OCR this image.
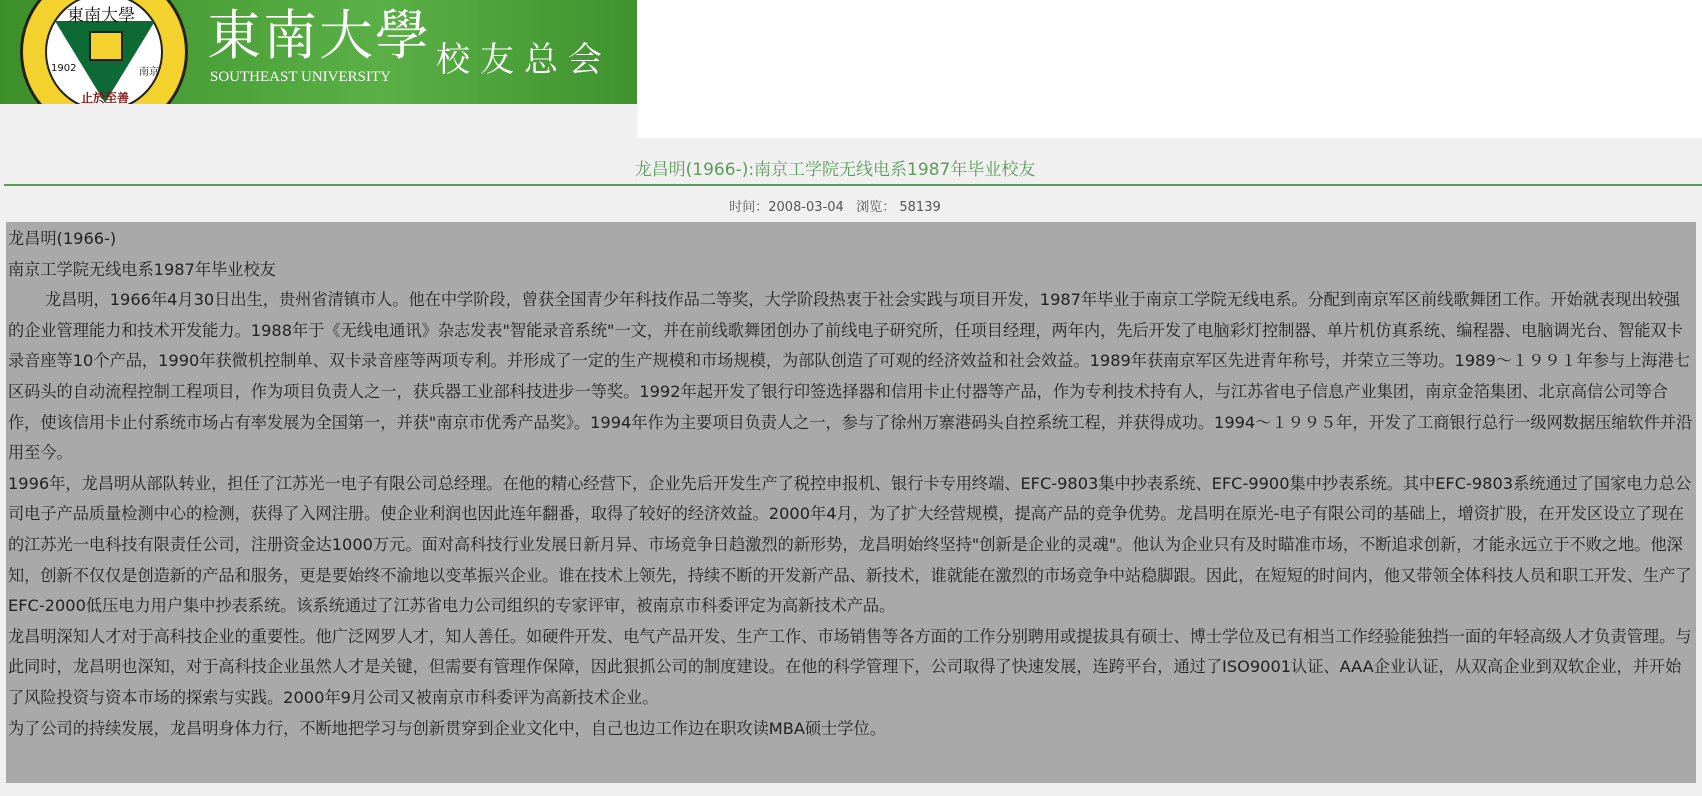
東南大學
1902	南京
止於至善
東南大學
SOUTHEAST UNIVERSITY 校友总会
龙昌明(1966-):南京工学院无线电系1987年毕业校友
时间：2008-03-04 浏览： 58139

龙昌明(1966-)

南京工学院无线电系1987年毕业校友

龙昌明，1966年4月30日出生，贵州省清镇市人。他在中学阶段，曾获全国青少年科技作品二等奖，大学阶段热衷于社会实践与项目开发，1987年毕业于南京工学院无线电系。分配到南京军区前线歌舞团工作。开始就表现出较强的企业管理能力和技术开发能力。1988年于《无线电通讯》杂志发表"智能录音系统"一文，并在前线歌舞团创办了前线电子研究所，任项目经理，两年内，先后开发了电脑彩灯控制器、单片机仿真系统、编程器、电脑调光台、智能双卡录音座等10个产品，1990年获微机控制单、双卡录音座等两项专利。并形成了一定的生产规模和市场规模，为部队创造了可观的经济效益和社会效益。1989年获南京军区先进青年称号，并荣立三等功。1989～１９９１年参与上海港七区码头的自动流程控制工程项目，作为项目负责人之一，获兵器工业部科技进步一等奖。1992年起开发了银行印签选择器和信用卡止付器等产品，作为专利技术持有人，与江苏省电子信息产业集团，南京金箔集团、北京高信公司等合作，使该信用卡止付系统市场占有率发展为全国第一，并获"南京市优秀产品奖》。1994年作为主要项目负责人之一，参与了徐州万寨港码头自控系统工程，并获得成功。1994～１９９５年，开发了工商银行总行一级网数据压缩软件并沿用至今。

1996年，龙昌明从部队转业，担任了江苏光一电子有限公司总经理。在他的精心经营下，企业先后开发生产了税控申报机、银行卡专用终端、EFC-9803集中抄表系统、EFC-9900集中抄表系统。其中EFC-9803系统通过了国家电力总公司电子产品质量检测中心的检测，获得了入网注册。使企业利润也因此连年翻番，取得了较好的经济效益。2000年4月，为了扩大经营规模，提高产品的竞争优势。龙昌明在原光-电子有限公司的基础上，增资扩股，在开发区设立了现在的江苏光一电科技有限责任公司，注册资金达1000万元。面对高科技行业发展日新月异、市场竞争日趋激烈的新形势，龙昌明始终坚持"创新是企业的灵魂"。他认为企业只有及时瞄准市场，不断追求创新，才能永远立于不败之地。他深知，创新不仅仅是创造新的产品和服务，更是要始终不渝地以变革振兴企业。谁在技术上领先，持续不断的开发新产品、新技术，谁就能在激烈的市场竞争中站稳脚跟。因此，在短短的时间内，他又带领全体科技人员和职工开发、生产了EFC-2000低压电力用户集中抄表系统。该系统通过了江苏省电力公司组织的专家评审，被南京市科委评定为高新技术产品。

龙昌明深知人才对于高科技企业的重要性。他广泛网罗人才，知人善任。如硬件开发、电气产品开发、生产工作、市场销售等各方面的工作分别聘用或提拔具有硕士、博士学位及已有相当工作经验能独挡一面的年轻高级人才负责管理。与此同时，龙昌明也深知，对于高科技企业虽然人才是关键，但需要有管理作保障，因此狠抓公司的制度建设。在他的科学管理下，公司取得了快速发展，连跨平台，通过了ISO9001认证、AAA企业认证，从双高企业到双软企业，并开始了风险投资与资本市场的探索与实践。2000年9月公司又被南京市科委评为高新技术企业。

为了公司的持续发展，龙昌明身体力行，不断地把学习与创新贯穿到企业文化中，自己也边工作边在职攻读MBA硕士学位。
